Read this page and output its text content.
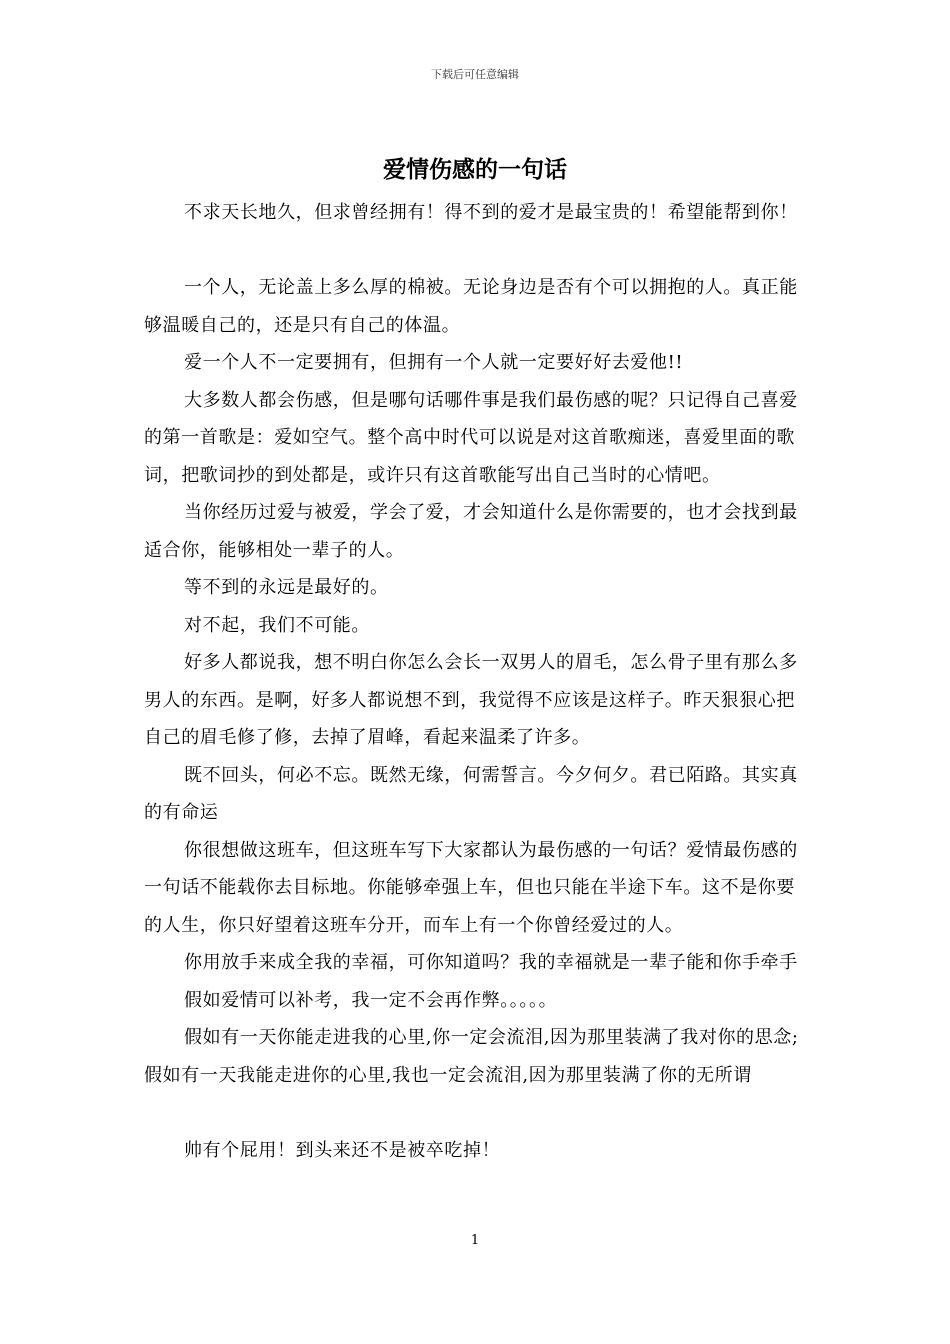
下载后可任意编辑
爱情伤感的一句话

不求天长地久，但求曾经拥有！得不到的爱才是最宝贵的！希望能帮到你！

一个人，无论盖上多么厚的棉被。无论身边是否有个可以拥抱的人。真正能够温暖自己的，还是只有自己的体温。

爱一个人不一定要拥有，但拥有一个人就一定要好好去爱他!!

大多数人都会伤感，但是哪句话哪件事是我们最伤感的呢？只记得自己喜爱的第一首歌是：爱如空气。整个高中时代可以说是对这首歌痴迷，喜爱里面的歌词，把歌词抄的到处都是，或许只有这首歌能写出自己当时的心情吧。

当你经历过爱与被爱，学会了爱，才会知道什么是你需要的，也才会找到最适合你，能够相处一辈子的人。

等不到的永远是最好的。

对不起，我们不可能。

好多人都说我，想不明白你怎么会长一双男人的眉毛，怎么骨子里有那么多男人的东西。是啊，好多人都说想不到，我觉得不应该是这样子。昨天狠狠心把自己的眉毛修了修，去掉了眉峰，看起来温柔了许多。

既不回头，何必不忘。既然无缘，何需誓言。今夕何夕。君已陌路。其实真的有命运

你很想做这班车，但这班车写下大家都认为最伤感的一句话？爱情最伤感的一句话不能载你去目标地。你能够牵强上车，但也只能在半途下车。这不是你要的人生，你只好望着这班车分开，而车上有一个你曾经爱过的人。

你用放手来成全我的幸福，可你知道吗？我的幸福就是一辈子能和你手牵手

假如爱情可以补考，我一定不会再作弊。。。。。

假如有一天你能走进我的心里,你一定会流泪,因为那里装满了我对你的思念;假如有一天我能走进你的心里,我也一定会流泪,因为那里装满了你的无所谓

帅有个屁用！到头来还不是被卒吃掉！

1
